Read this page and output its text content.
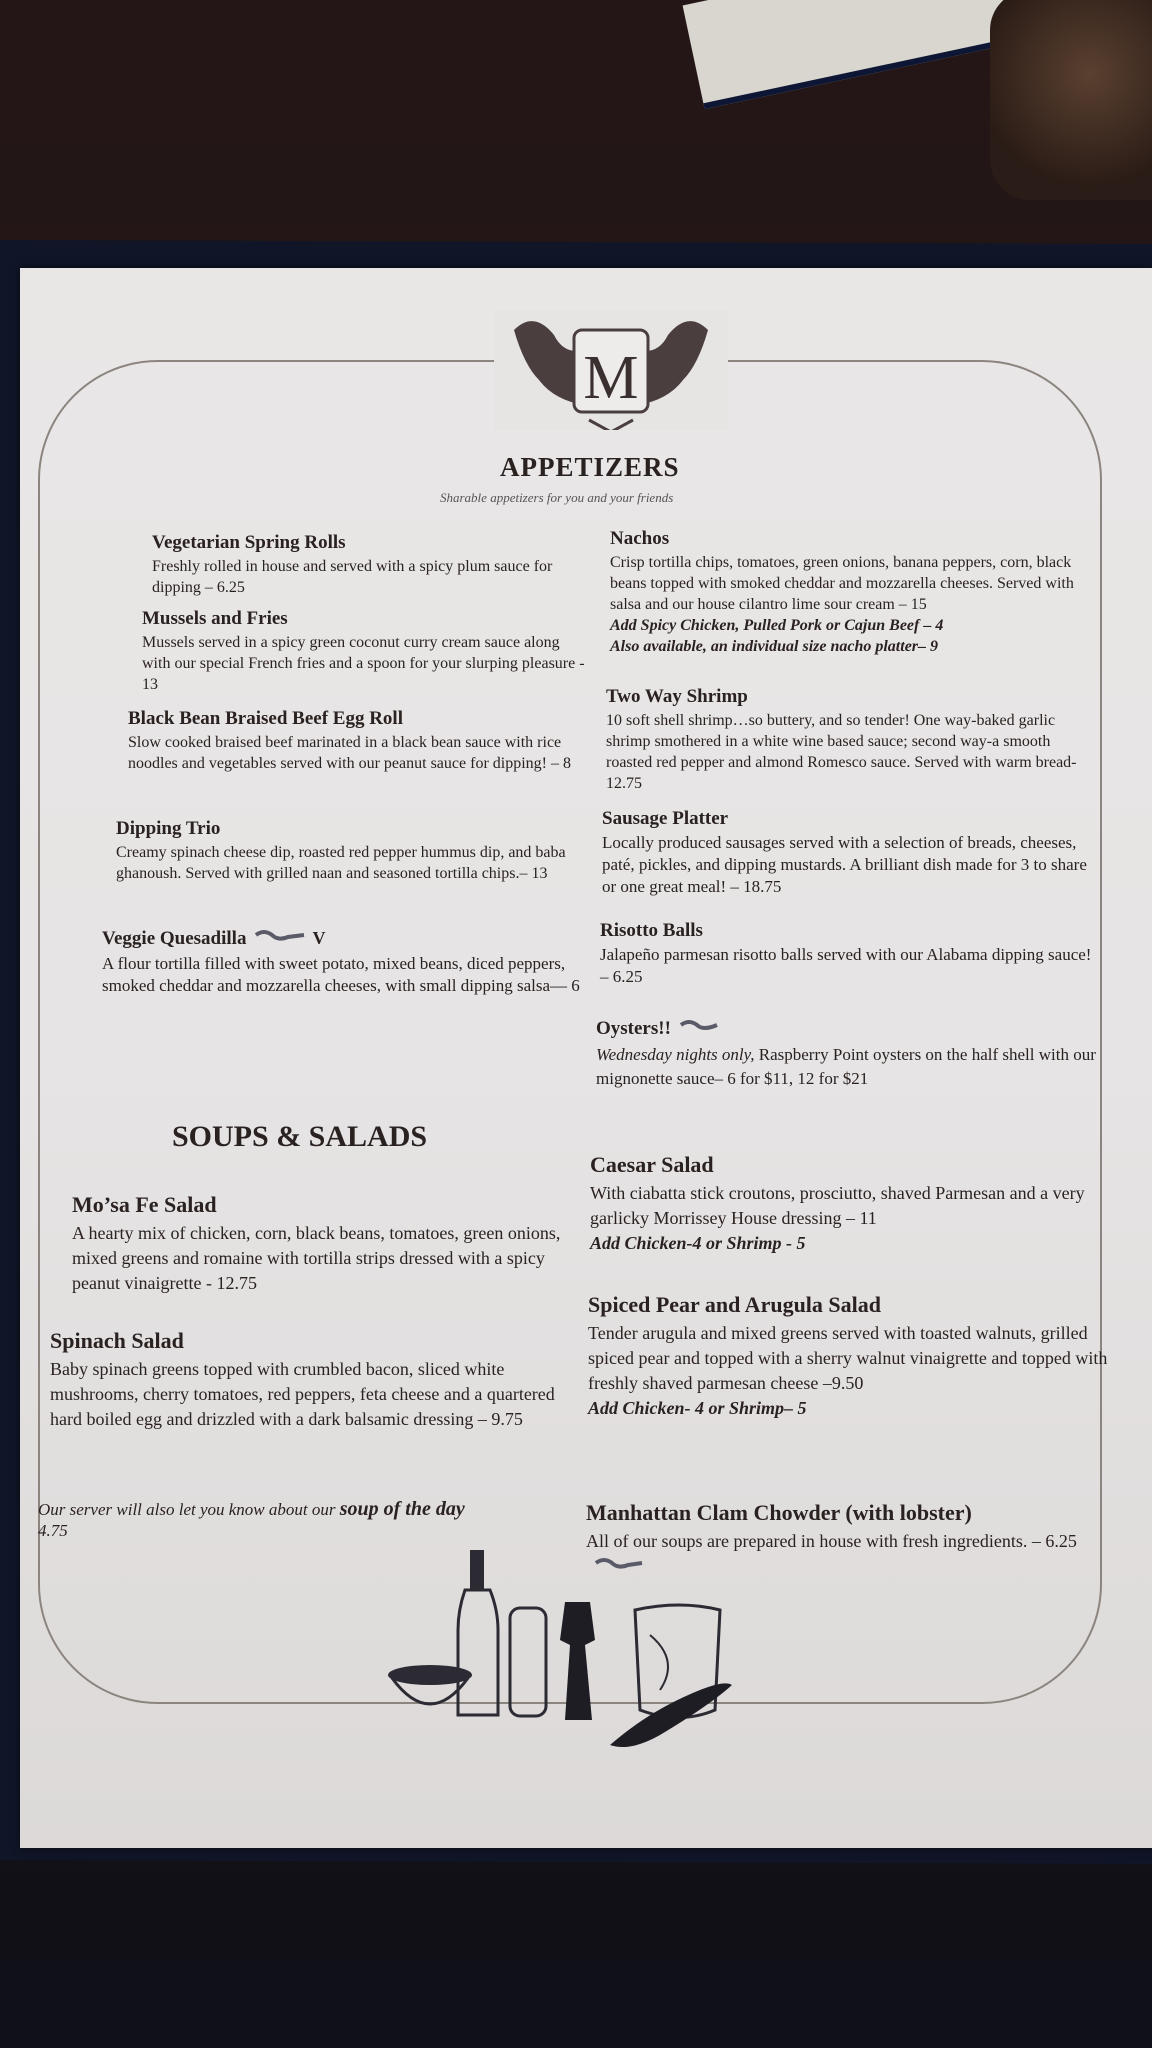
M
APPETIZERS
Sharable appetizers for you and your friends
Vegetarian Spring Rolls
Freshly rolled in house and served with a spicy plum sauce for dipping – 6.25
Mussels and Fries
Mussels served in a spicy green coconut curry cream sauce along with our special French fries and a spoon for your slurping pleasure - 13
Black Bean Braised Beef Egg Roll
Slow cooked braised beef marinated in a black bean sauce with rice noodles and vegetables served with our peanut sauce for dipping! – 8
Dipping Trio
Creamy spinach cheese dip, roasted red pepper hummus dip, and baba ghanoush. Served with grilled naan and seasoned tortilla chips.– 13
Veggie Quesadilla	V
A flour tortilla filled with sweet potato, mixed beans, diced peppers, smoked cheddar and mozzarella cheeses, with small dipping salsa— 6
Nachos
Crisp tortilla chips, tomatoes, green onions, banana peppers, corn, black beans topped with smoked cheddar and mozzarella cheeses. Served with salsa and our house cilantro lime sour cream – 15
Add Spicy Chicken, Pulled Pork or Cajun Beef – 4
Also available, an individual size nacho platter– 9
Two Way Shrimp
10 soft shell shrimp…so buttery, and so tender! One way-baked garlic shrimp smothered in a white wine based sauce; second way-a smooth roasted red pepper and almond Romesco sauce. Served with warm bread- 12.75
Sausage Platter
Locally produced sausages served with a selection of breads, cheeses, paté, pickles, and dipping mustards. A brilliant dish made for 3 to share or one great meal! – 18.75
Risotto Balls
Jalapeño parmesan risotto balls served with our Alabama dipping sauce! – 6.25
Oysters!!
Wednesday nights only, Raspberry Point oysters on the half shell with our mignonette sauce– 6 for $11, 12 for $21
SOUPS & SALADS
Mo’sa Fe Salad
A hearty mix of chicken, corn, black beans, tomatoes, green onions, mixed greens and romaine with tortilla strips dressed with a spicy peanut vinaigrette - 12.75
Spinach Salad
Baby spinach greens topped with crumbled bacon, sliced white mushrooms, cherry tomatoes, red peppers, feta cheese and a quartered hard boiled egg and drizzled with a dark balsamic dressing – 9.75
Caesar Salad
With ciabatta stick croutons, prosciutto, shaved Parmesan and a very garlicky Morrissey House dressing – 11
Add Chicken-4 or Shrimp - 5
Spiced Pear and Arugula Salad
Tender arugula and mixed greens served with toasted walnuts, grilled spiced pear and topped with a sherry walnut vinaigrette and topped with freshly shaved parmesan cheese –9.50
Add Chicken- 4 or Shrimp– 5
Manhattan Clam Chowder (with lobster)
All of our soups are prepared in house with fresh ingredients. – 6.25
Our server will also let you know about our soup of the day
4.75
